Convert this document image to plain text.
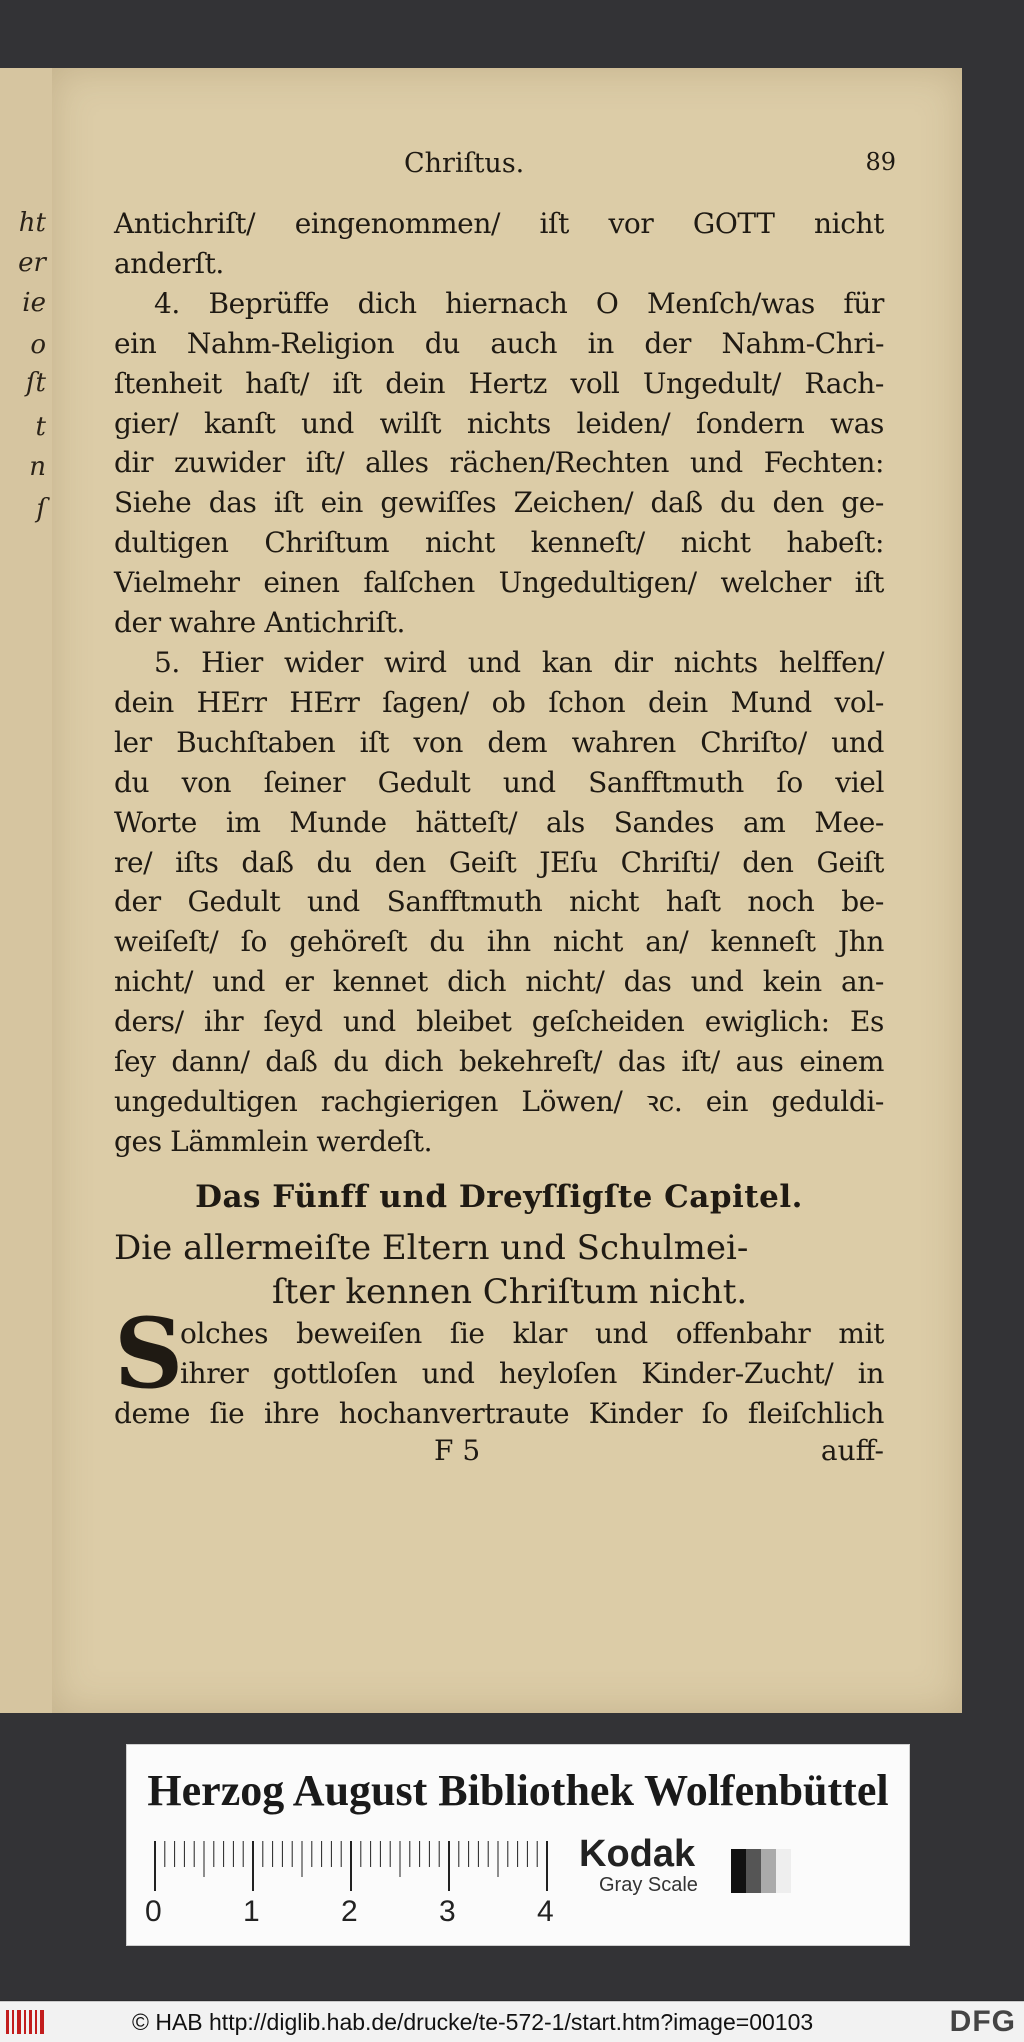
ht
er
ie
o
ſt
t
n
ſ
Chriſtus.	89
Antichriſt/ eingenommen/ iſt vor GOTT nicht
anderſt.
4. Beprüffe dich hiernach O Menſch/was für
ein Nahm-Religion du auch in der Nahm-Chri-
ſtenheit haſt/ iſt dein Hertz voll Ungedult/ Rach-
gier/ kanſt und wilſt nichts leiden/ ſondern was
dir zuwider iſt/ alles rächen/Rechten und Fechten:
Siehe das iſt ein gewiſſes Zeichen/ daß du den ge-
dultigen Chriſtum nicht kenneſt/ nicht habeſt:
Vielmehr einen falſchen Ungedultigen/ welcher iſt
der wahre Antichriſt.
5. Hier wider wird und kan dir nichts helffen/
dein HErr HErr ſagen/ ob ſchon dein Mund vol-
ler Buchſtaben iſt von dem wahren Chriſto/ und
du von ſeiner Gedult und Sanfftmuth ſo viel
Worte im Munde hätteſt/ als Sandes am Mee-
re/ iſts daß du den Geiſt JEſu Chriſti/ den Geiſt
der Gedult und Sanfftmuth nicht haſt noch be-
weiſeſt/ ſo gehöreſt du ihn nicht an/ kenneſt Jhn
nicht/ und er kennet dich nicht/ das und kein an-
ders/ ihr ſeyd und bleibet geſcheiden ewiglich: Es
ſey dann/ daß du dich bekehreſt/ das iſt/ aus einem
ungedultigen rachgierigen Löwen/ ꝛc. ein geduldi-
ges Lämmlein werdeſt.
Das Fünff und Dreyſſigſte Capitel.
Die allermeiſte Eltern und Schulmei-
ſter kennen Chriſtum nicht.
S
olches beweiſen ſie klar und offenbahr mit
ihrer gottloſen und heyloſen Kinder-Zucht/ in
deme ſie ihre hochanvertraute Kinder ſo fleiſchlich
F 5	auff-
Herzog August Bibliothek Wolfenbüttel
0	1	2	3	4
Kodak
Gray Scale
© HAB http://diglib.hab.de/drucke/te-572-1/start.htm?image=00103	DFG
